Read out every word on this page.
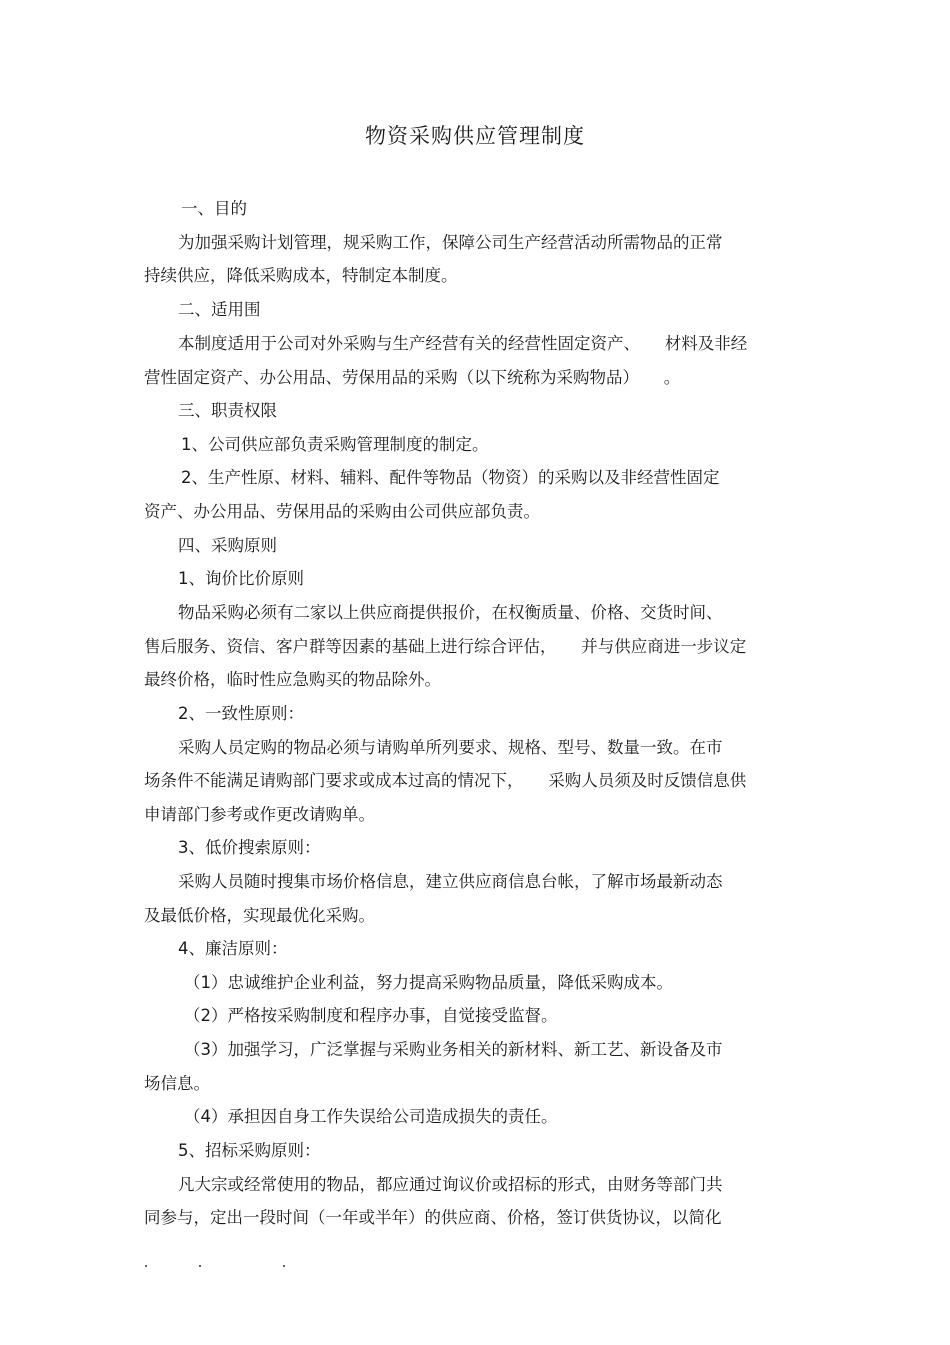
物资采购供应管理制度
一、目的
为加强采购计划管理，规采购工作，保障公司生产经营活动所需物品的正常
持续供应，降低采购成本，特制定本制度。
二、适用围
本制度适用于公司对外采购与生产经营有关的经营性固定资产、　　材料及非经
营性固定资产、办公用品、劳保用品的采购（以下统称为采购物品）　　。
三、职责权限
1、公司供应部负责采购管理制度的制定。
2、生产性原、材料、辅料、配件等物品（物资）的采购以及非经营性固定
资产、办公用品、劳保用品的采购由公司供应部负责。
四、采购原则
1、询价比价原则
物品采购必须有二家以上供应商提供报价，在权衡质量、价格、交货时间、
售后服务、资信、客户群等因素的基础上进行综合评估，　　并与供应商进一步议定
最终价格，临时性应急购买的物品除外。
2、一致性原则：
采购人员定购的物品必须与请购单所列要求、规格、型号、数量一致。在市
场条件不能满足请购部门要求或成本过高的情况下，　　采购人员须及时反馈信息供
申请部门参考或作更改请购单。
3、低价搜索原则：
采购人员随时搜集市场价格信息，建立供应商信息台帐，了解市场最新动态
及最低价格，实现最优化采购。
4、廉洁原则：
（1）忠诚维护企业利益，努力提高采购物品质量，降低采购成本。
（2）严格按采购制度和程序办事，自觉接受监督。
（3）加强学习，广泛掌握与采购业务相关的新材料、新工艺、新设备及市
场信息。
（4）承担因自身工作失误给公司造成损失的责任。
5、招标采购原则：
凡大宗或经常使用的物品，都应通过询议价或招标的形式，由财务等部门共
同参与，定出一段时间（一年或半年）的供应商、价格，签订供货协议，以简化
